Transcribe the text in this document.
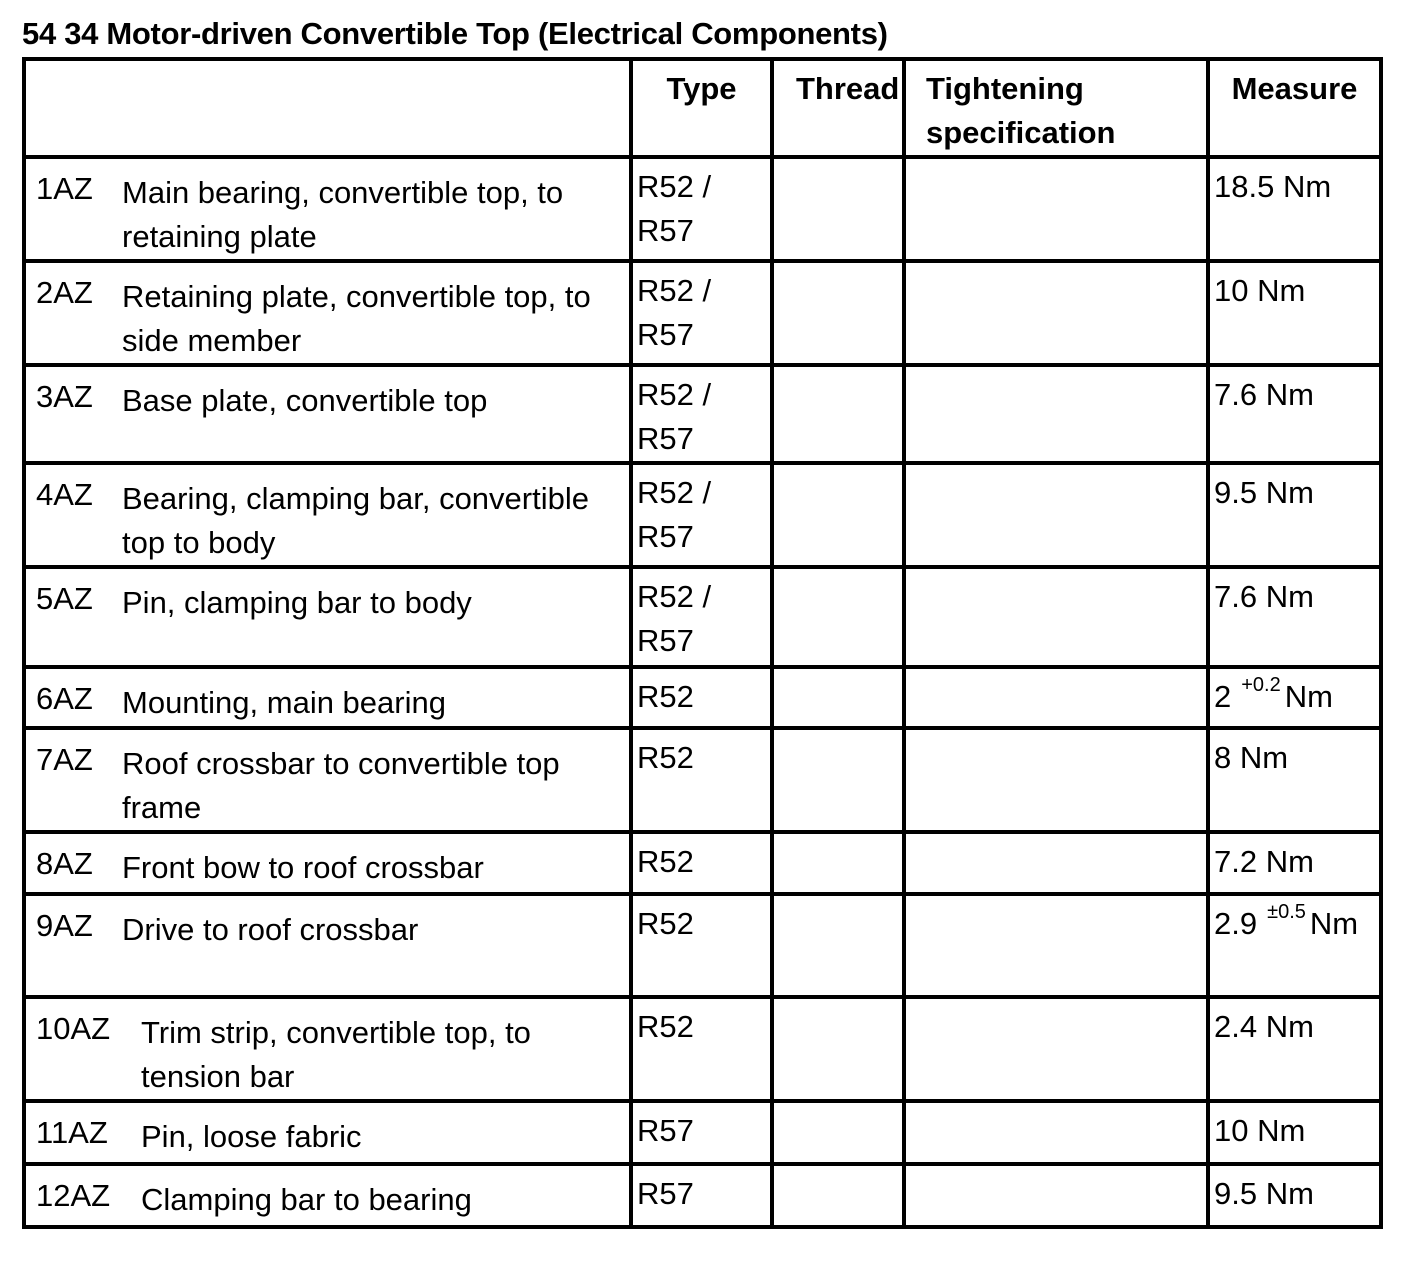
54 34 Motor-driven Convertible Top (Electrical Components)

	Type	Thread	Tightening specification	Measure

1AZ Main bearing, convertible top, to retaining plate	R52 / R57			18.5 Nm

2AZ Retaining plate, convertible top, to side member	R52 / R57			10 Nm

3AZ Base plate, convertible top	R52 / R57			7.6 Nm

4AZ Bearing, clamping bar, convertible top to body	R52 / R57			9.5 Nm

5AZ Pin, clamping bar to body	R52 / R57			7.6 Nm

6AZ Mounting, main bearing	R52			2 $^{+0.2}$ Nm

7AZ Roof crossbar to convertible top frame	R52			8 Nm

8AZ Front bow to roof crossbar	R52			7.2 Nm

9AZ Drive to roof crossbar	R52			2.9 $^{\pm 0.5}$ Nm

10AZ Trim strip, convertible top, to tension bar	R52			2.4 Nm

11AZ Pin, loose fabric	R57			10 Nm

12AZ Clamping bar to bearing	R57			9.5 Nm
